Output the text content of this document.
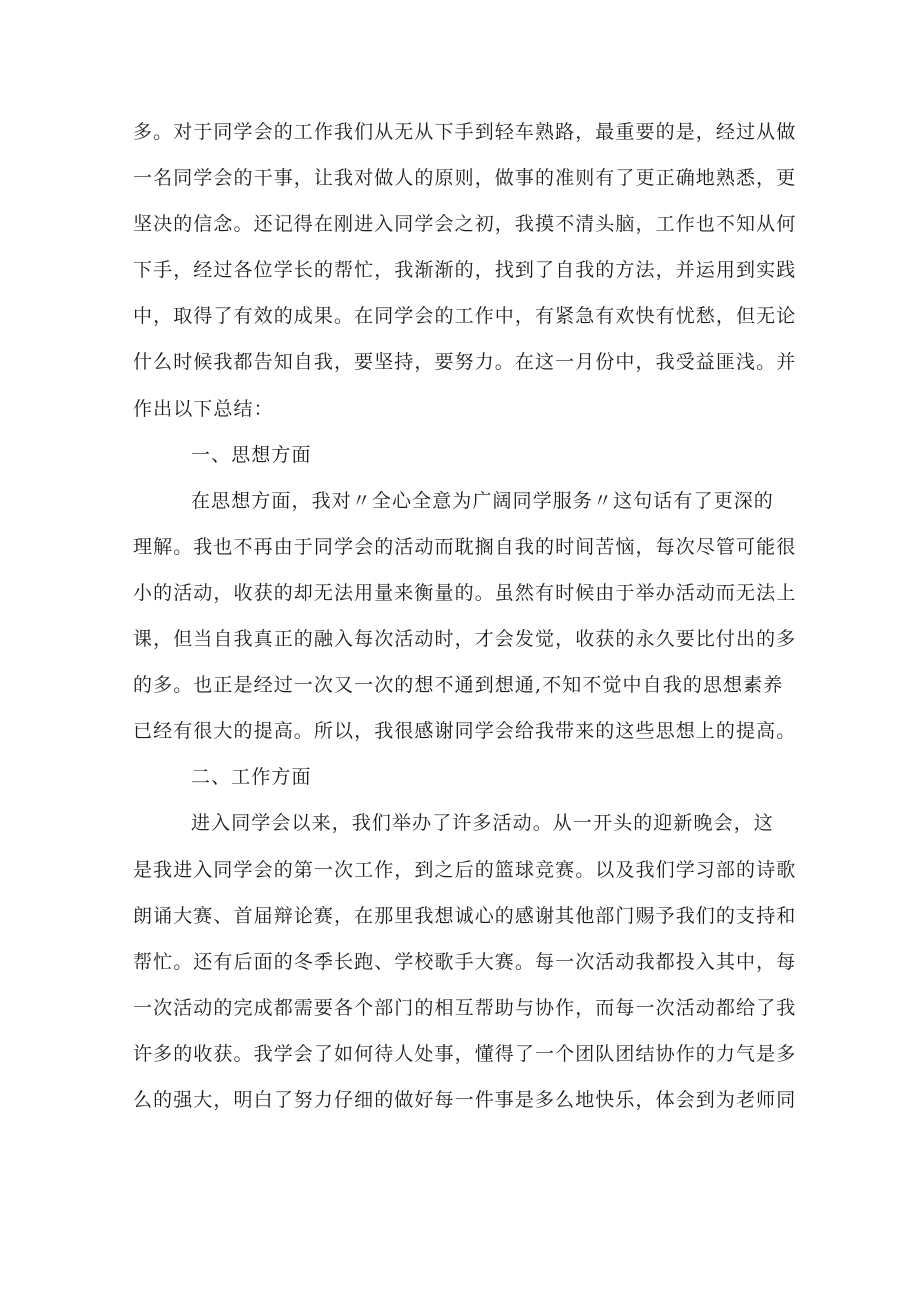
多。对于同学会的工作我们从无从下手到轻车熟路，最重要的是，经过从做
一名同学会的干事，让我对做人的原则，做事的准则有了更正确地熟悉，更
坚决的信念。还记得在刚进入同学会之初，我摸不清头脑，工作也不知从何
下手，经过各位学长的帮忙，我渐渐的，找到了自我的方法，并运用到实践
中，取得了有效的成果。在同学会的工作中，有紧急有欢快有忧愁，但无论
什么时候我都告知自我，要坚持，要努力。在这一月份中，我受益匪浅。并
作出以下总结：
一、思想方面
在思想方面，我对〃全心全意为广阔同学服务〃这句话有了更深的
理解。我也不再由于同学会的活动而耽搁自我的时间苦恼，每次尽管可能很
小的活动，收获的却无法用量来衡量的。虽然有时候由于举办活动而无法上
课，但当自我真正的融入每次活动时，才会发觉，收获的永久要比付出的多
的多。也正是经过一次又一次的想不通到想通,不知不觉中自我的思想素养
已经有很大的提高。所以，我很感谢同学会给我带来的这些思想上的提高。
二、工作方面
进入同学会以来，我们举办了许多活动。从一开头的迎新晚会，这
是我进入同学会的第一次工作，到之后的篮球竞赛。以及我们学习部的诗歌
朗诵大赛、首届辩论赛，在那里我想诚心的感谢其他部门赐予我们的支持和
帮忙。还有后面的冬季长跑、学校歌手大赛。每一次活动我都投入其中，每
一次活动的完成都需要各个部门的相互帮助与协作，而每一次活动都给了我
许多的收获。我学会了如何待人处事，懂得了一个团队团结协作的力气是多
么的强大，明白了努力仔细的做好每一件事是多么地快乐，体会到为老师同
